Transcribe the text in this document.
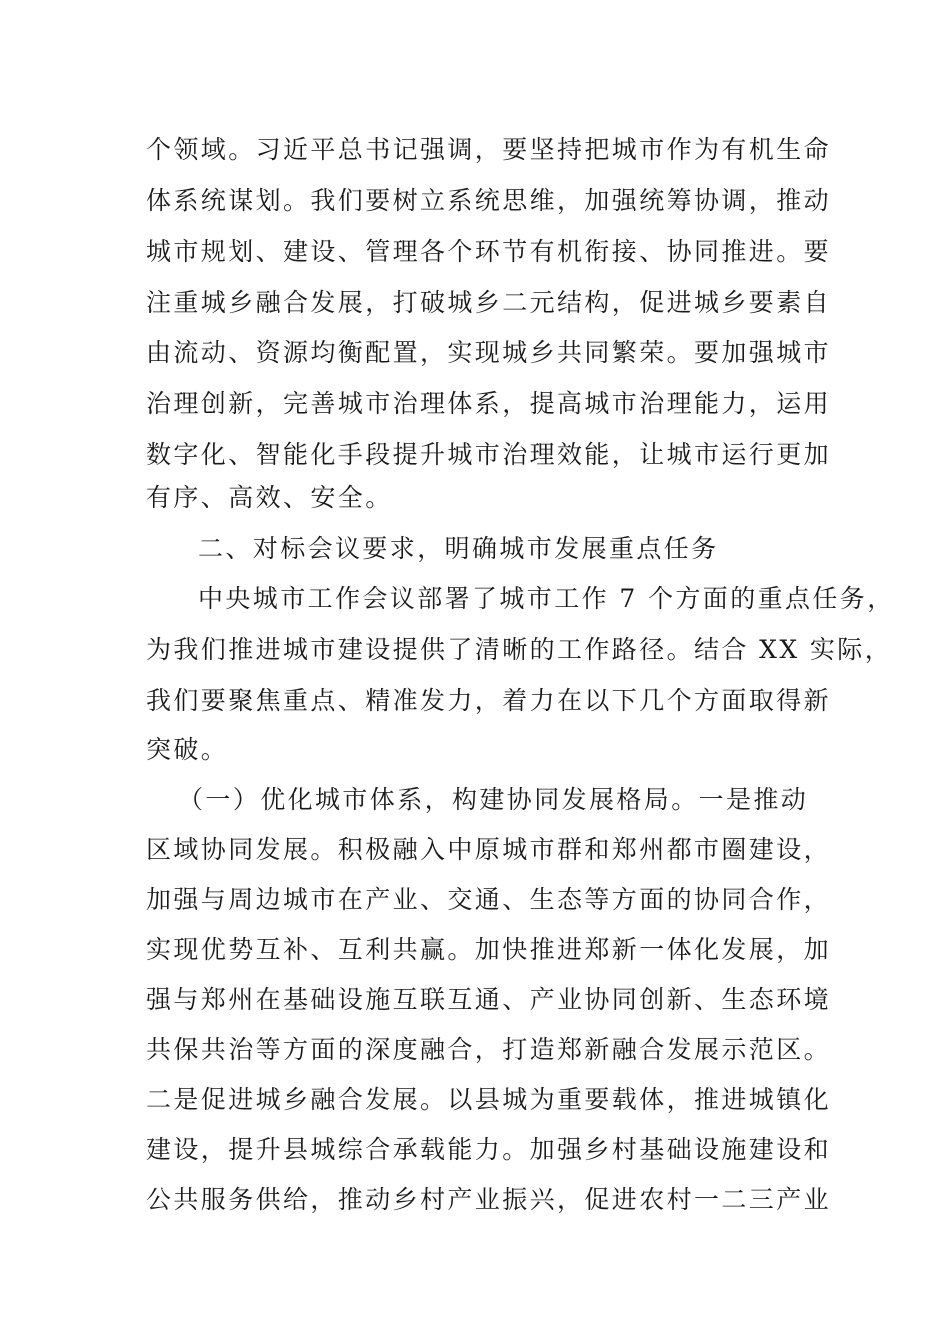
个领域。习近平总书记强调，要坚持把城市作为有机生命
体系统谋划。我们要树立系统思维，加强统筹协调，推动
城市规划、建设、管理各个环节有机衔接、协同推进。要
注重城乡融合发展，打破城乡二元结构，促进城乡要素自
由流动、资源均衡配置，实现城乡共同繁荣。要加强城市
治理创新，完善城市治理体系，提高城市治理能力，运用
数字化、智能化手段提升城市治理效能，让城市运行更加
有序、高效、安全。
二、对标会议要求，明确城市发展重点任务
中央城市工作会议部署了城市工作 7 个方面的重点任务，
为我们推进城市建设提供了清晰的工作路径。结合 XX 实际，
我们要聚焦重点、精准发力，着力在以下几个方面取得新
突破。
（一）优化城市体系，构建协同发展格局。一是推动
区域协同发展。积极融入中原城市群和郑州都市圈建设，
加强与周边城市在产业、交通、生态等方面的协同合作，
实现优势互补、互利共赢。加快推进郑新一体化发展，加
强与郑州在基础设施互联互通、产业协同创新、生态环境
共保共治等方面的深度融合，打造郑新融合发展示范区。
二是促进城乡融合发展。以县城为重要载体，推进城镇化
建设，提升县城综合承载能力。加强乡村基础设施建设和
公共服务供给，推动乡村产业振兴，促进农村一二三产业
